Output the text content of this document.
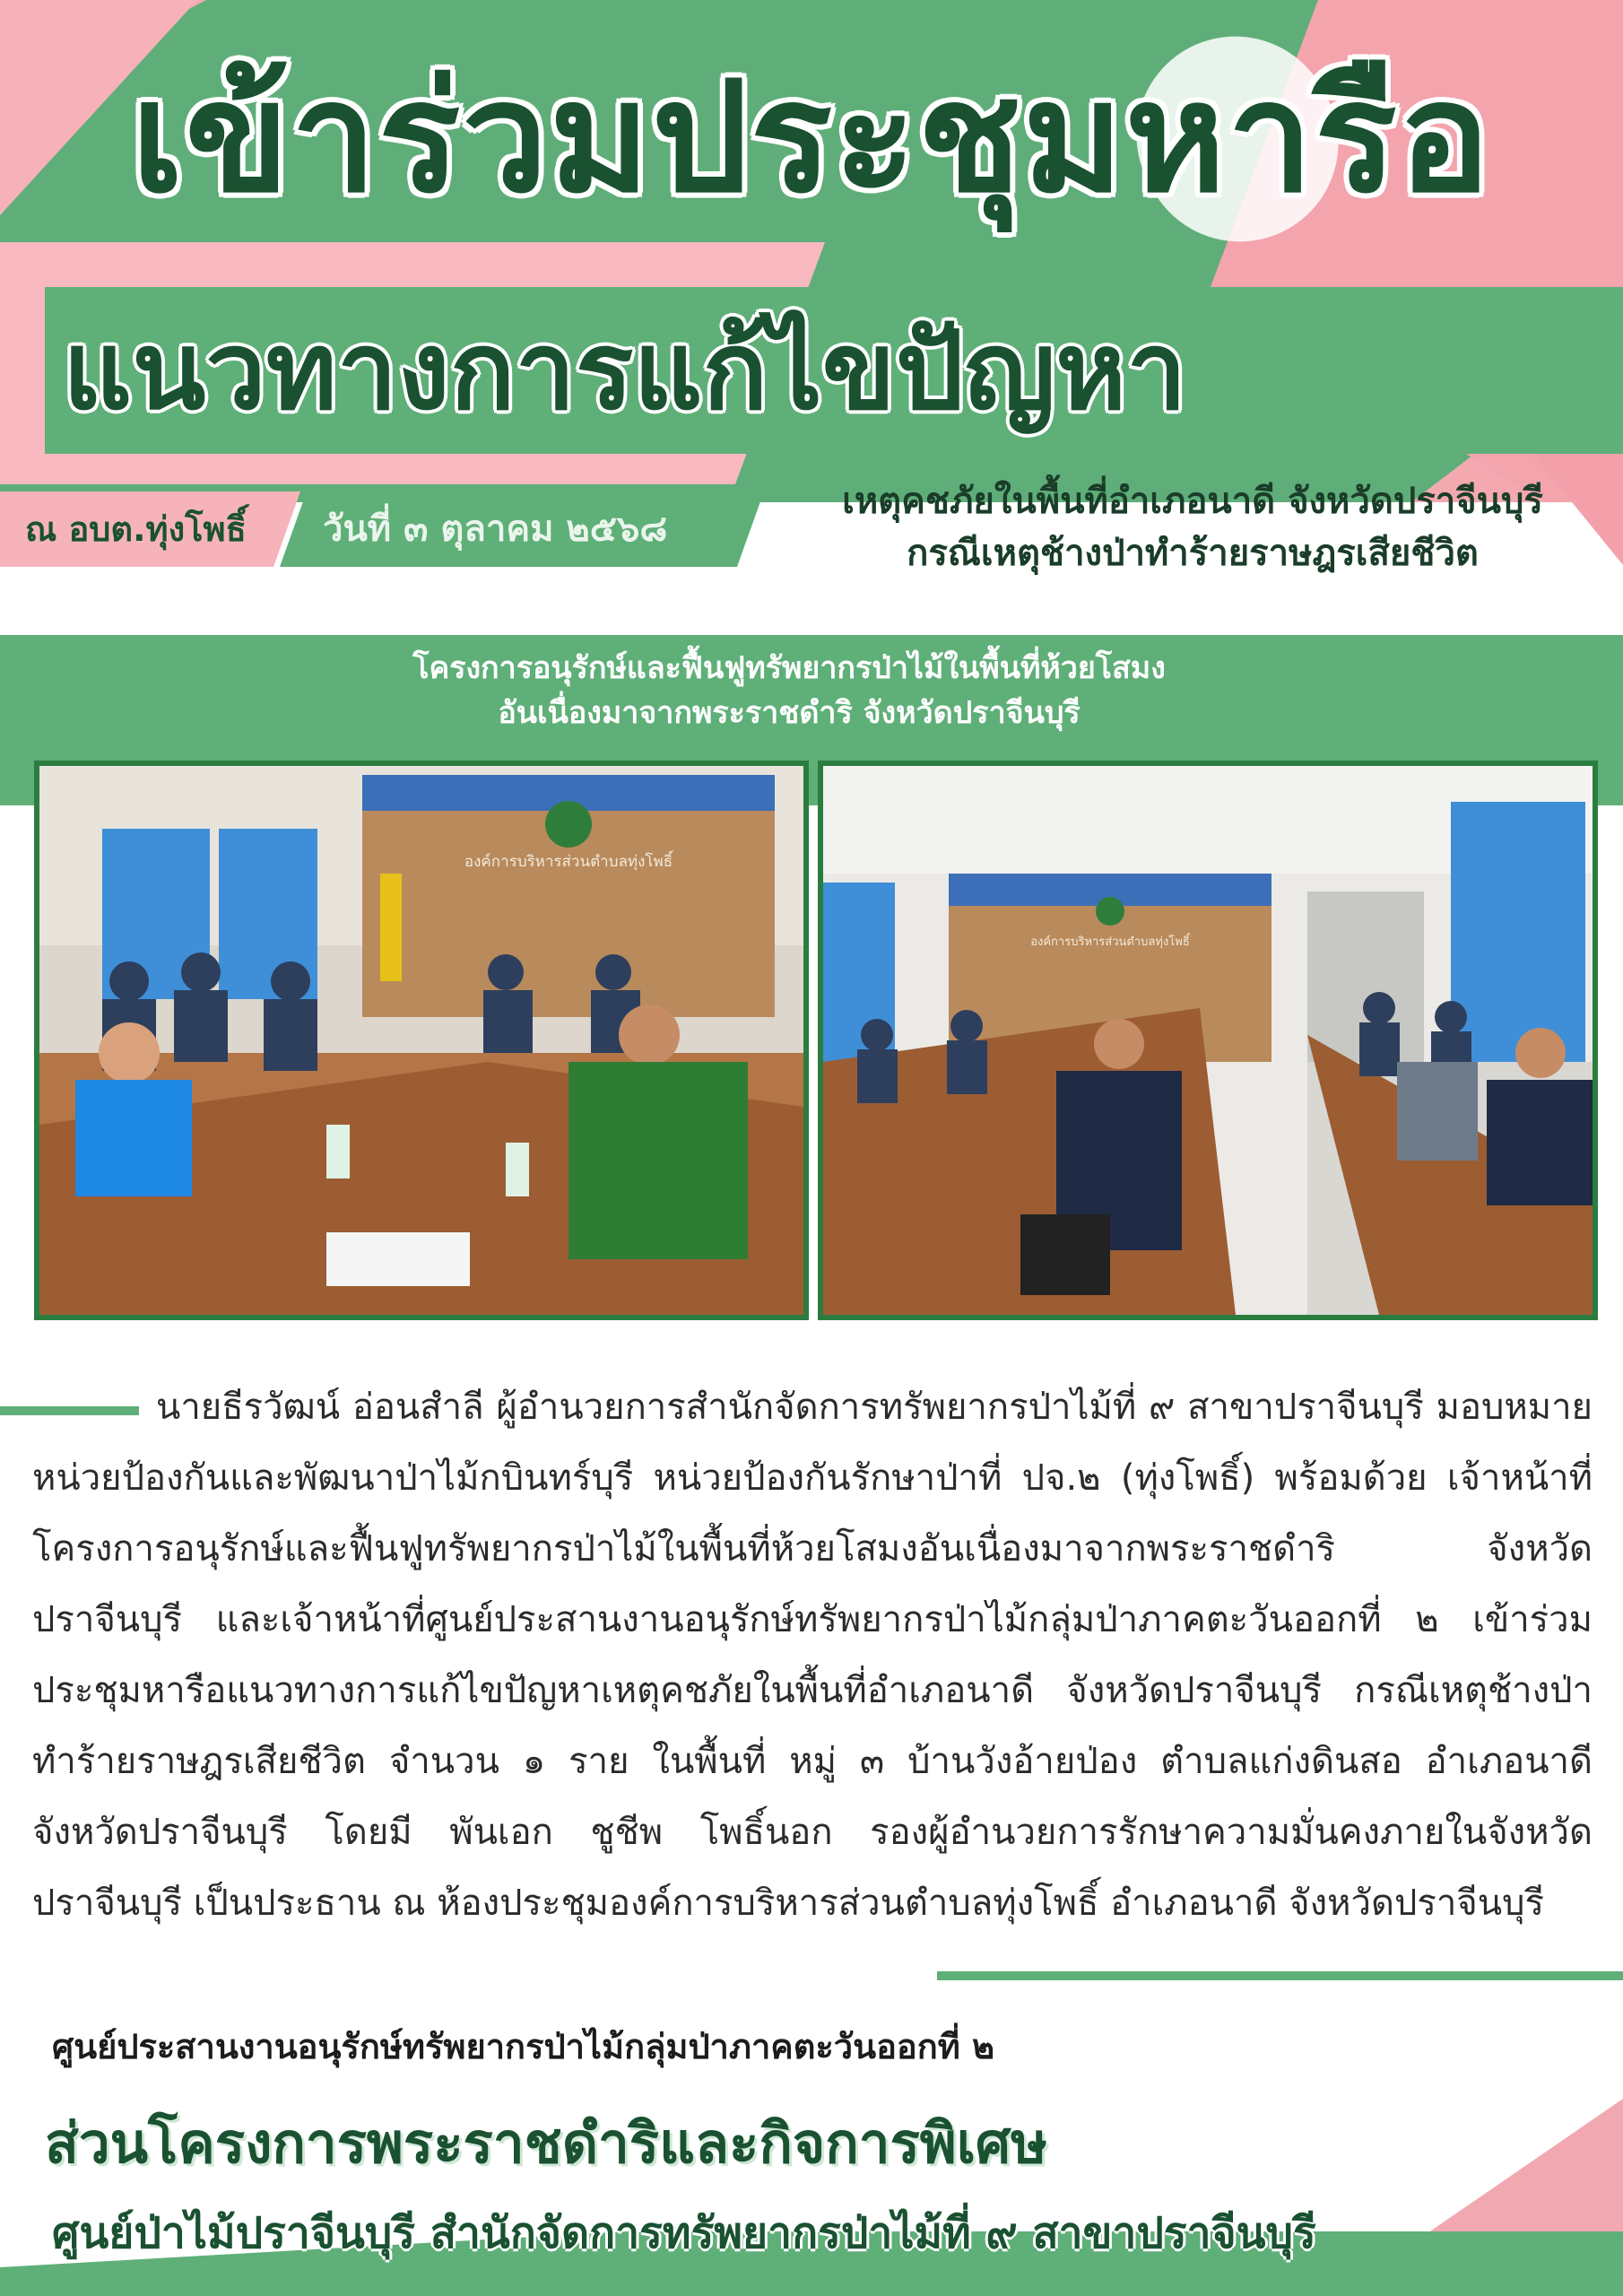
เข้าร่วมประชุมหารือ
แนวทางการแก้ไขปัญหา
ณ อบต.ทุ่งโพธิ์	วันที่ ๓ ตุลาคม ๒๕๖๘
เหตุคชภัยในพื้นที่อำเภอนาดี จังหวัดปราจีนบุรี
กรณีเหตุช้างป่าทำร้ายราษฎรเสียชีวิต
โครงการอนุรักษ์และฟื้นฟูทรัพยากรป่าไม้ในพื้นที่ห้วยโสมง
อันเนื่องมาจากพระราชดำริ จังหวัดปราจีนบุรี
องค์การบริหารส่วนตำบลทุ่งโพธิ์
องค์การบริหารส่วนตำบลทุ่งโพธิ์

นายธีรวัฒน์ อ่อนสำลี ผู้อำนวยการสำนักจัดการทรัพยากรป่าไม้ที่ ๙ สาขาปราจีนบุรี มอบหมาย หน่วยป้องกันและพัฒนาป่าไม้กบินทร์บุรี หน่วยป้องกันรักษาป่าที่ ปจ.๒ (ทุ่งโพธิ์) พร้อมด้วย เจ้าหน้าที่โครงการอนุรักษ์และฟื้นฟูทรัพยากรป่าไม้ในพื้นที่ห้วยโสมงอันเนื่องมาจากพระราชดำริ จังหวัดปราจีนบุรี และเจ้าหน้าที่ศูนย์ประสานงานอนุรักษ์ทรัพยากรป่าไม้กลุ่มป่าภาคตะวันออกที่ ๒ เข้าร่วมประชุมหารือแนวทางการแก้ไขปัญหาเหตุคชภัยในพื้นที่อำเภอนาดี จังหวัดปราจีนบุรี กรณีเหตุช้างป่าทำร้ายราษฎรเสียชีวิต จำนวน ๑ ราย ในพื้นที่ หมู่ ๓ บ้านวังอ้ายป่อง ตำบลแก่งดินสอ อำเภอนาดี จังหวัดปราจีนบุรี โดยมี พันเอก ชูชีพ โพธิ์นอก รองผู้อำนวยการรักษาความมั่นคงภายในจังหวัดปราจีนบุรี เป็นประธาน ณ ห้องประชุมองค์การบริหารส่วนตำบลทุ่งโพธิ์ อำเภอนาดี จังหวัดปราจีนบุรี

ศูนย์ประสานงานอนุรักษ์ทรัพยากรป่าไม้กลุ่มป่าภาคตะวันออกที่ ๒
ส่วนโครงการพระราชดำริและกิจการพิเศษ
ศูนย์ป่าไม้ปราจีนบุรี สำนักจัดการทรัพยากรป่าไม้ที่ ๙ สาขาปราจีนบุรี
